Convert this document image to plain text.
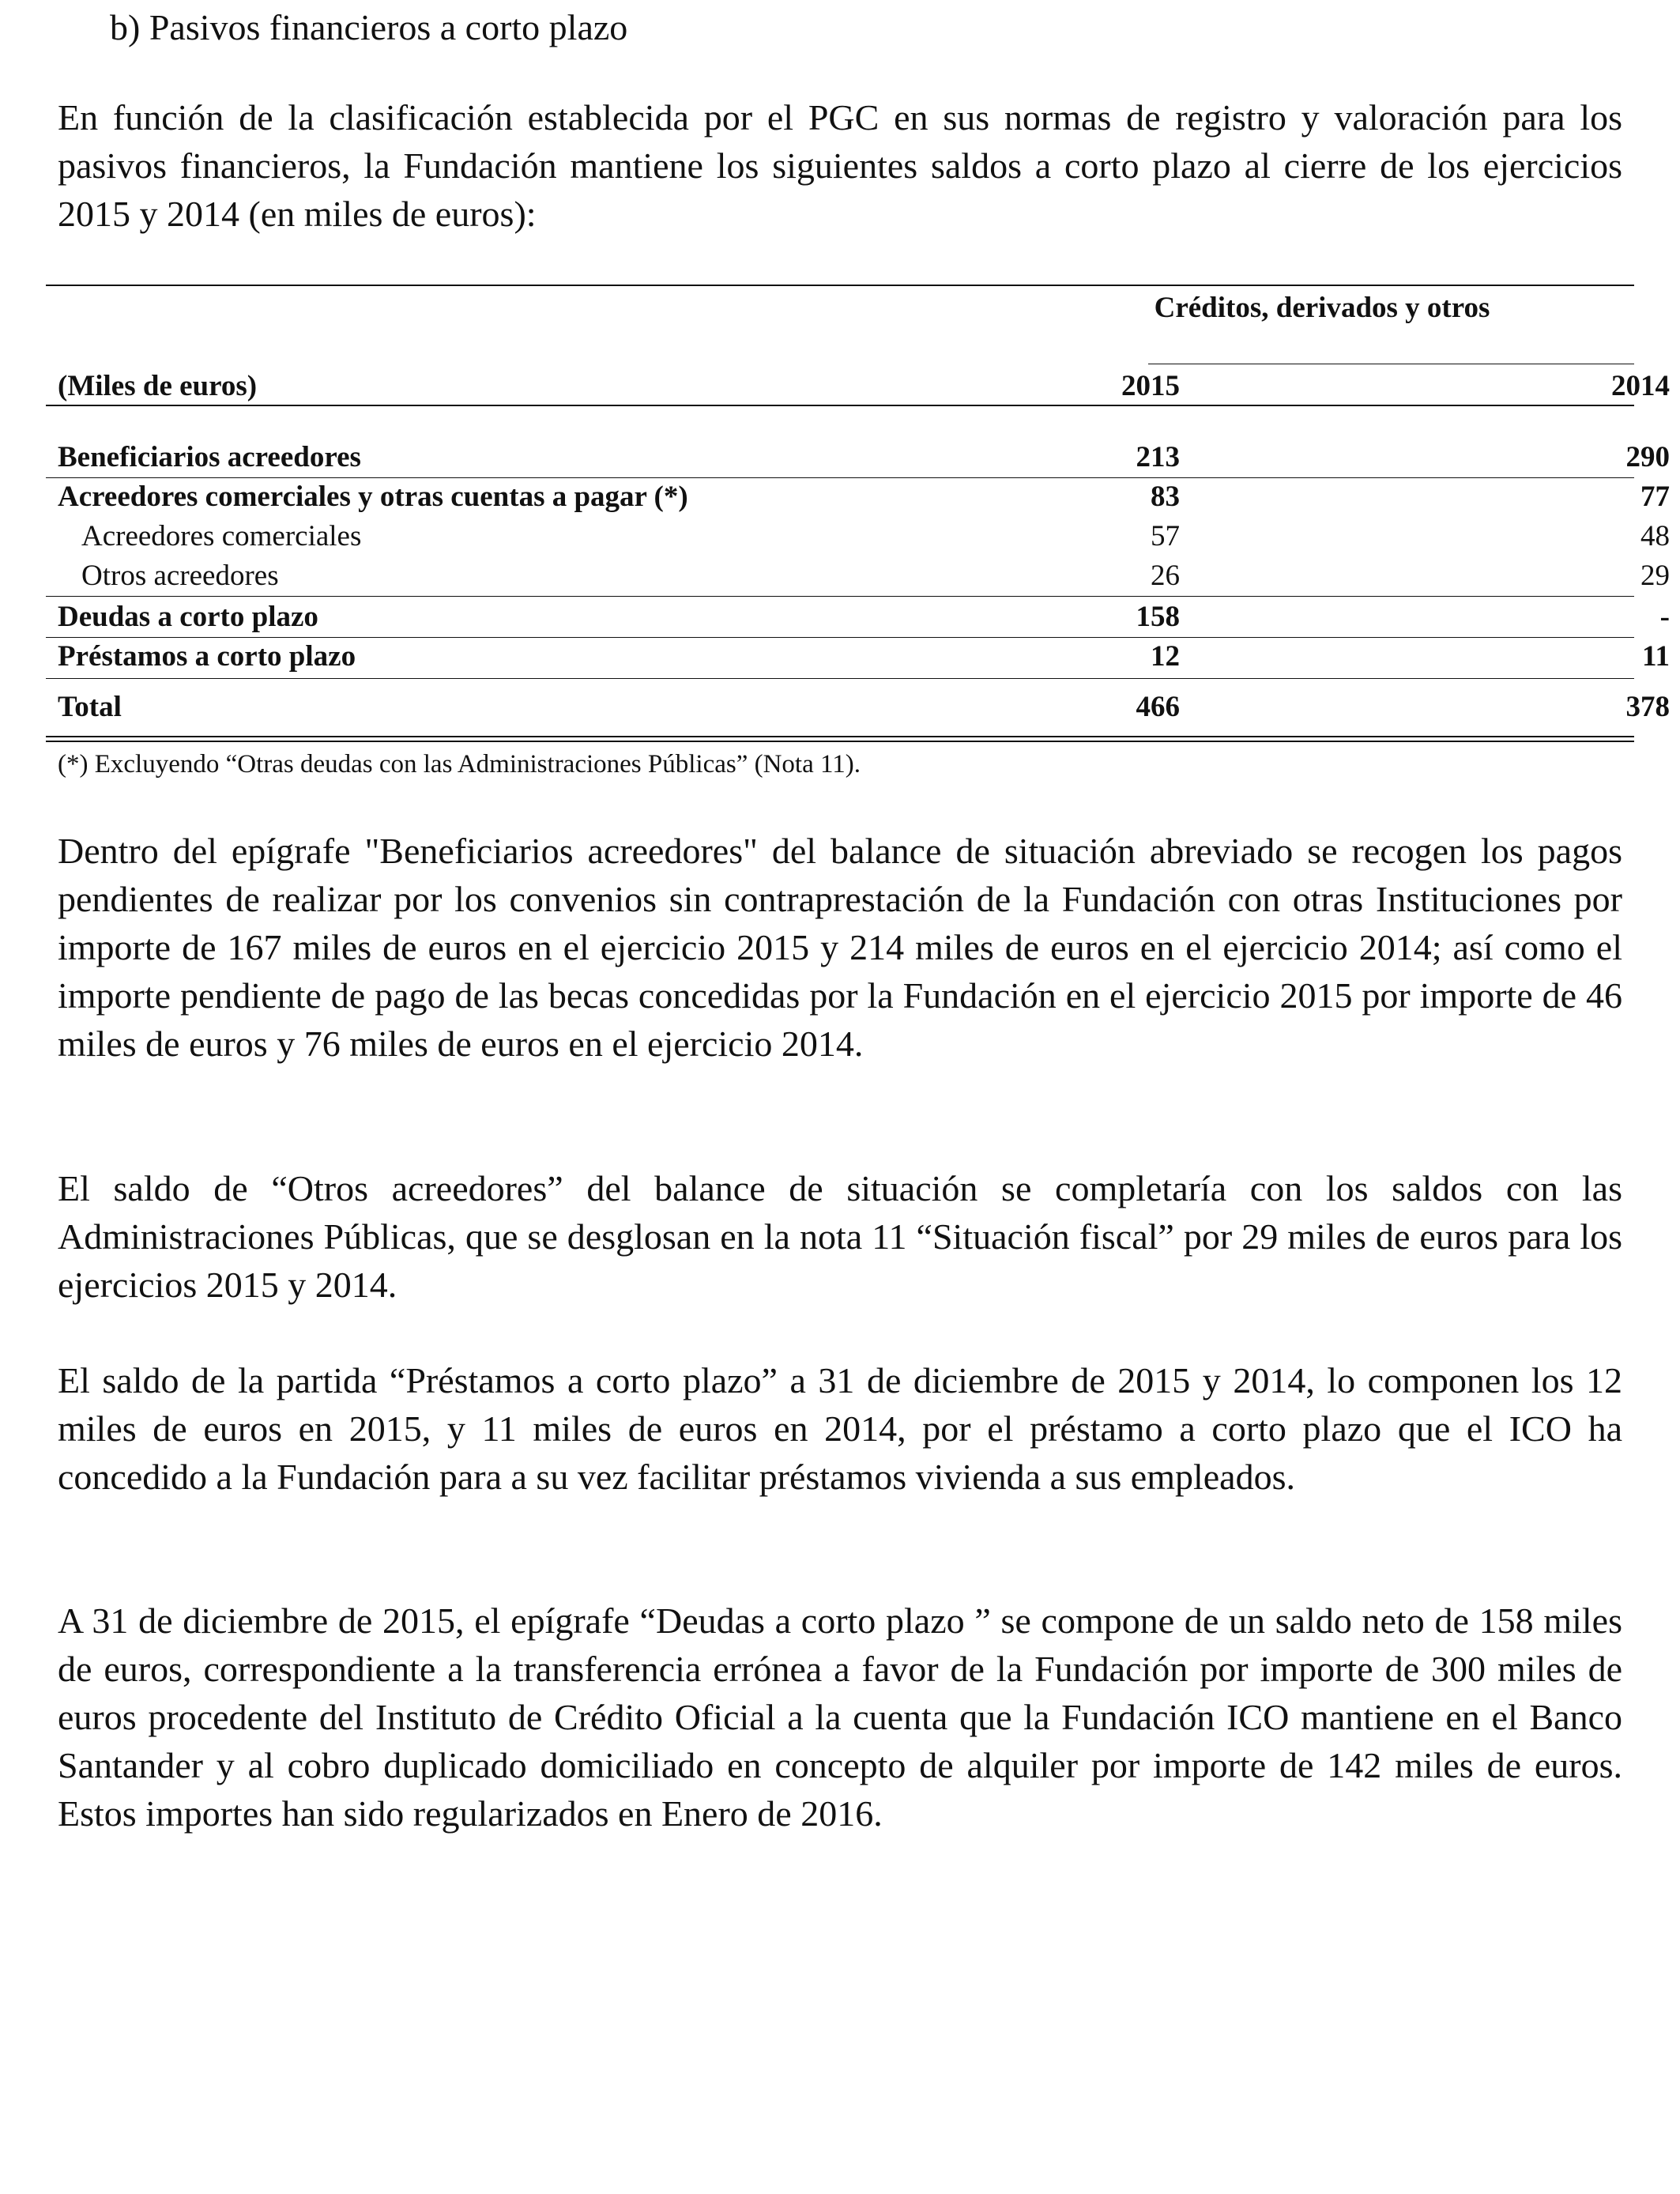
b) Pasivos financieros a corto plazo

En función de la clasificación establecida por el PGC en sus normas de registro y valoración para los pasivos financieros, la Fundación mantiene los siguientes saldos a corto plazo al cierre de los ejercicios 2015 y 2014 (en miles de euros):

Créditos, derivados y otros
(Miles de euros)	2015	2014
Beneficiarios acreedores	213	290
Acreedores comerciales y otras cuentas a pagar (*)	83	77
Acreedores comerciales	57	48
Otros acreedores	26	29
Deudas a corto plazo	158	-
Préstamos a corto plazo	12	11
Total	466	378
(*) Excluyendo “Otras deudas con las Administraciones Públicas” (Nota 11).

Dentro del epígrafe "Beneficiarios acreedores" del balance de situación abreviado se recogen los pagos pendientes de realizar por los convenios sin contraprestación de la Fundación con otras Instituciones por importe de 167 miles de euros en el ejercicio 2015 y 214 miles de euros en el ejercicio 2014; así como el importe pendiente de pago de las becas concedidas por la Fundación en el ejercicio 2015 por importe de 46 miles de euros y 76 miles de euros en el ejercicio 2014.

El saldo de “Otros acreedores” del balance de situación se completaría con los saldos con las Administraciones Públicas, que se desglosan en la nota 11 “Situación fiscal” por 29 miles de euros para los ejercicios 2015 y 2014.

El saldo de la partida “Préstamos a corto plazo” a 31 de diciembre de 2015 y 2014, lo componen los 12 miles de euros en 2015, y 11 miles de euros en 2014, por el préstamo a corto plazo que el ICO ha concedido a la Fundación para a su vez facilitar préstamos vivienda a sus empleados.

A 31 de diciembre de 2015, el epígrafe “Deudas a corto plazo ” se compone de un saldo neto de 158 miles de euros, correspondiente a la transferencia errónea a favor de la Fundación por importe de 300 miles de euros procedente del Instituto de Crédito Oficial a la cuenta que la Fundación ICO mantiene en el Banco Santander y al cobro duplicado domiciliado en concepto de alquiler por importe de 142 miles de euros. Estos importes han sido regularizados en Enero de 2016.
